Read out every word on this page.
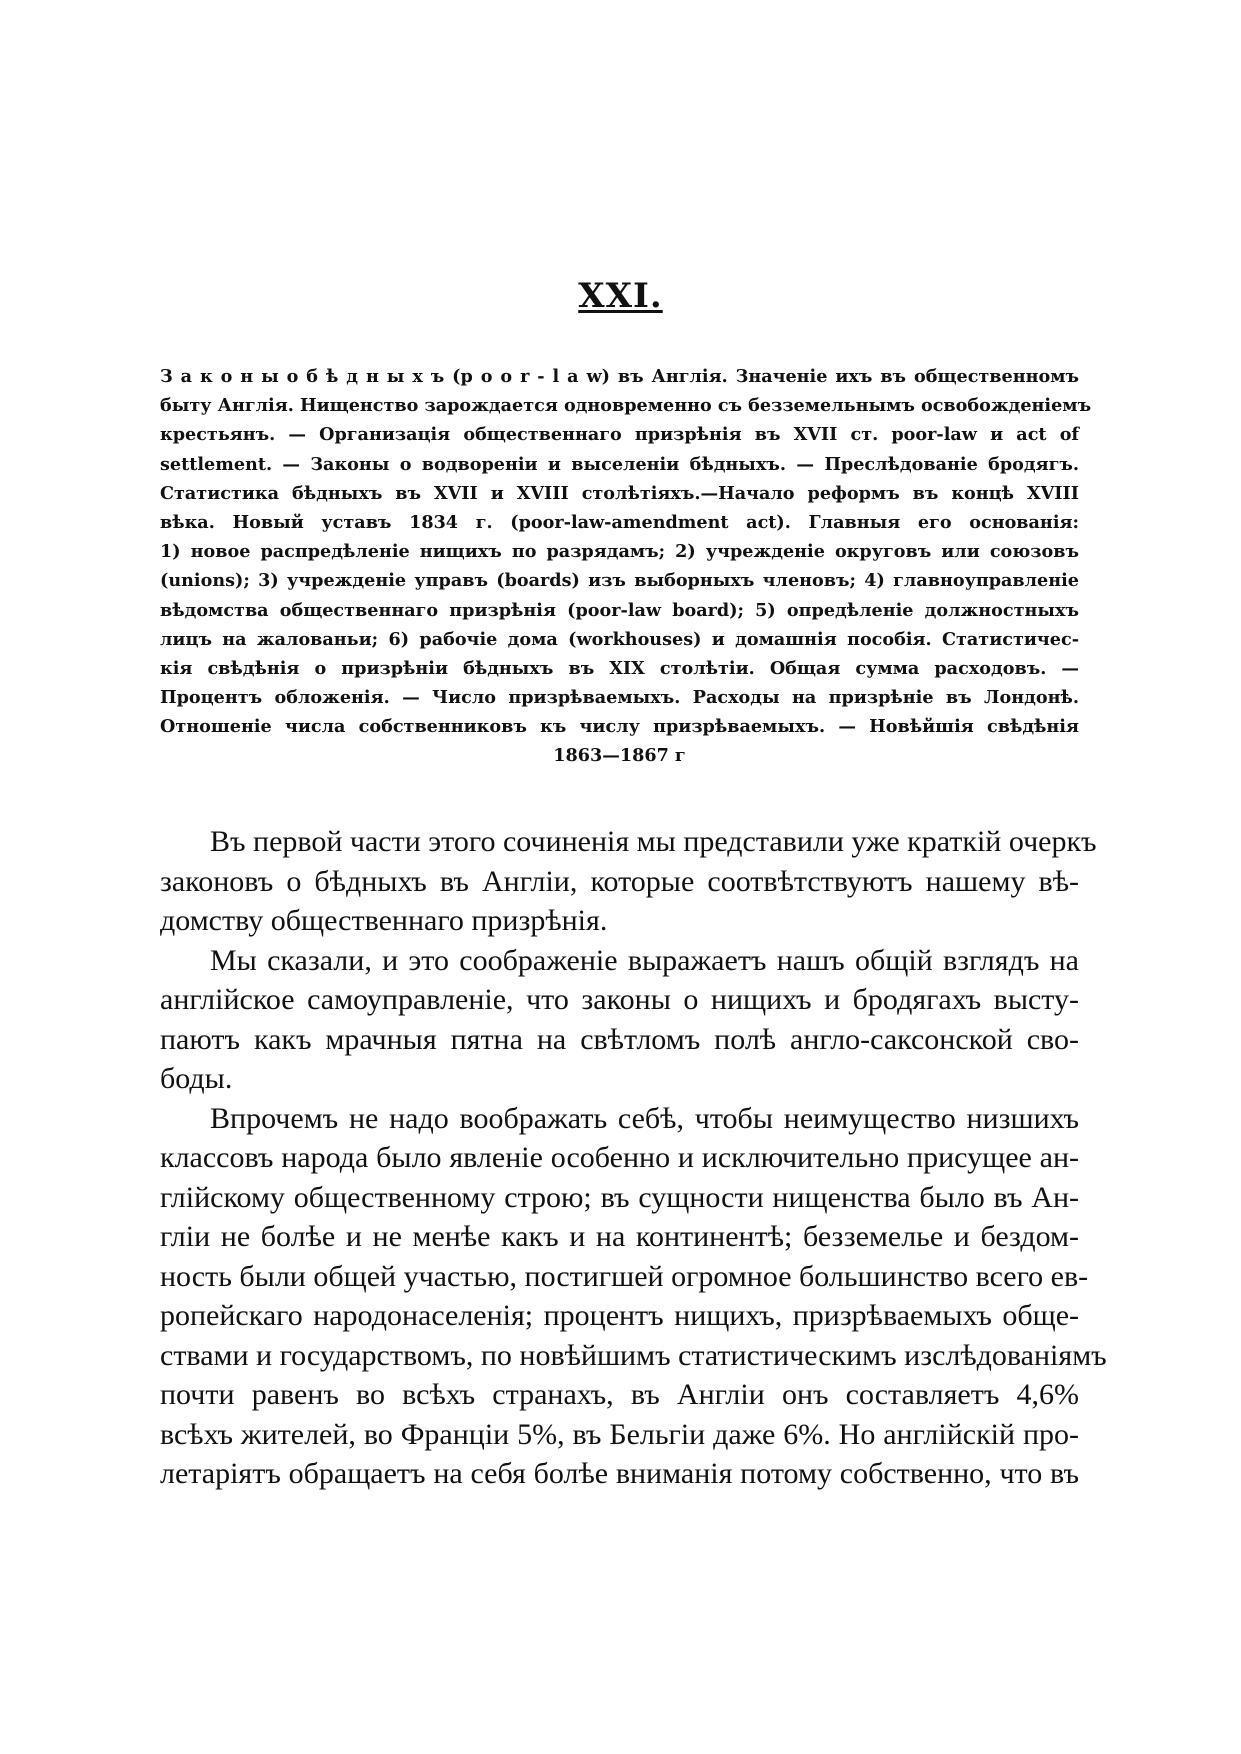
XXI.
З а к о н ы о б ѣ д н ы х ъ (p o o r - l a w) въ Англія. Значеніе ихъ въ общественномъ
быту Англія. Нищенство зарождается одновременно съ безземельнымъ освобожденіемъ
крестьянъ. — Организація общественнаго призрѣнія въ XVII ст. poor-law и act of
settlement. — Законы о водвореніи и выселеніи бѣдныхъ. — Преслѣдованіе бродягъ.
Статистика бѣдныхъ въ XVII и XVIII столѣтіяхъ.—Начало реформъ въ концѣ XVIII
вѣка. Новый уставъ 1834 г. (poor-law-amendment act). Главныя его основанія:
1) новое распредѣленіе нищихъ по разрядамъ; 2) учрежденіе округовъ или союзовъ
(unions); 3) учрежденіе управъ (boards) изъ выборныхъ членовъ; 4) главноуправленіе
вѣдомства общественнаго призрѣнія (poor-law board); 5) опредѣленіе должностныхъ
лицъ на жалованьи; 6) рабочіе дома (workhouses) и домашнія пособія. Статистичес-
кія свѣдѣнія о призрѣніи бѣдныхъ въ XIX столѣтіи. Общая сумма расходовъ. —
Процентъ обложенія. — Число призрѣваемыхъ. Расходы на призрѣніе въ Лондонѣ.
Отношеніе числа собственниковъ къ числу призрѣваемыхъ. — Новѣйшія свѣдѣнія
1863—1867 г
Въ первой части этого сочиненія мы представили уже краткій очеркъ
законовъ о бѣдныхъ въ Англіи, которые соотвѣтствуютъ нашему вѣ-
домству общественнаго призрѣнія.
Мы сказали, и это соображеніе выражаетъ нашъ общій взглядъ на
англійское самоуправленіе, что законы о нищихъ и бродягахъ высту-
паютъ какъ мрачныя пятна на свѣтломъ полѣ англо-саксонской сво-
боды.
Впрочемъ не надо воображать себѣ, чтобы неимущество низшихъ
классовъ народа было явленіе особенно и исключительно присущее ан-
глійскому общественному строю; въ сущности нищенства было въ Ан-
гліи не болѣе и не менѣе какъ и на континентѣ; безземелье и бездом-
ность были общей участью, постигшей огромное большинство всего ев-
ропейскаго народонаселенія; процентъ нищихъ, призрѣваемыхъ обще-
ствами и государствомъ, по новѣйшимъ статистическимъ изслѣдованіямъ
почти равенъ во всѣхъ странахъ, въ Англіи онъ составляетъ 4,6%
всѣхъ жителей, во Франціи 5%, въ Бельгіи даже 6%. Но англійскій про-
летаріятъ обращаетъ на себя болѣе вниманія потому собственно, что въ
